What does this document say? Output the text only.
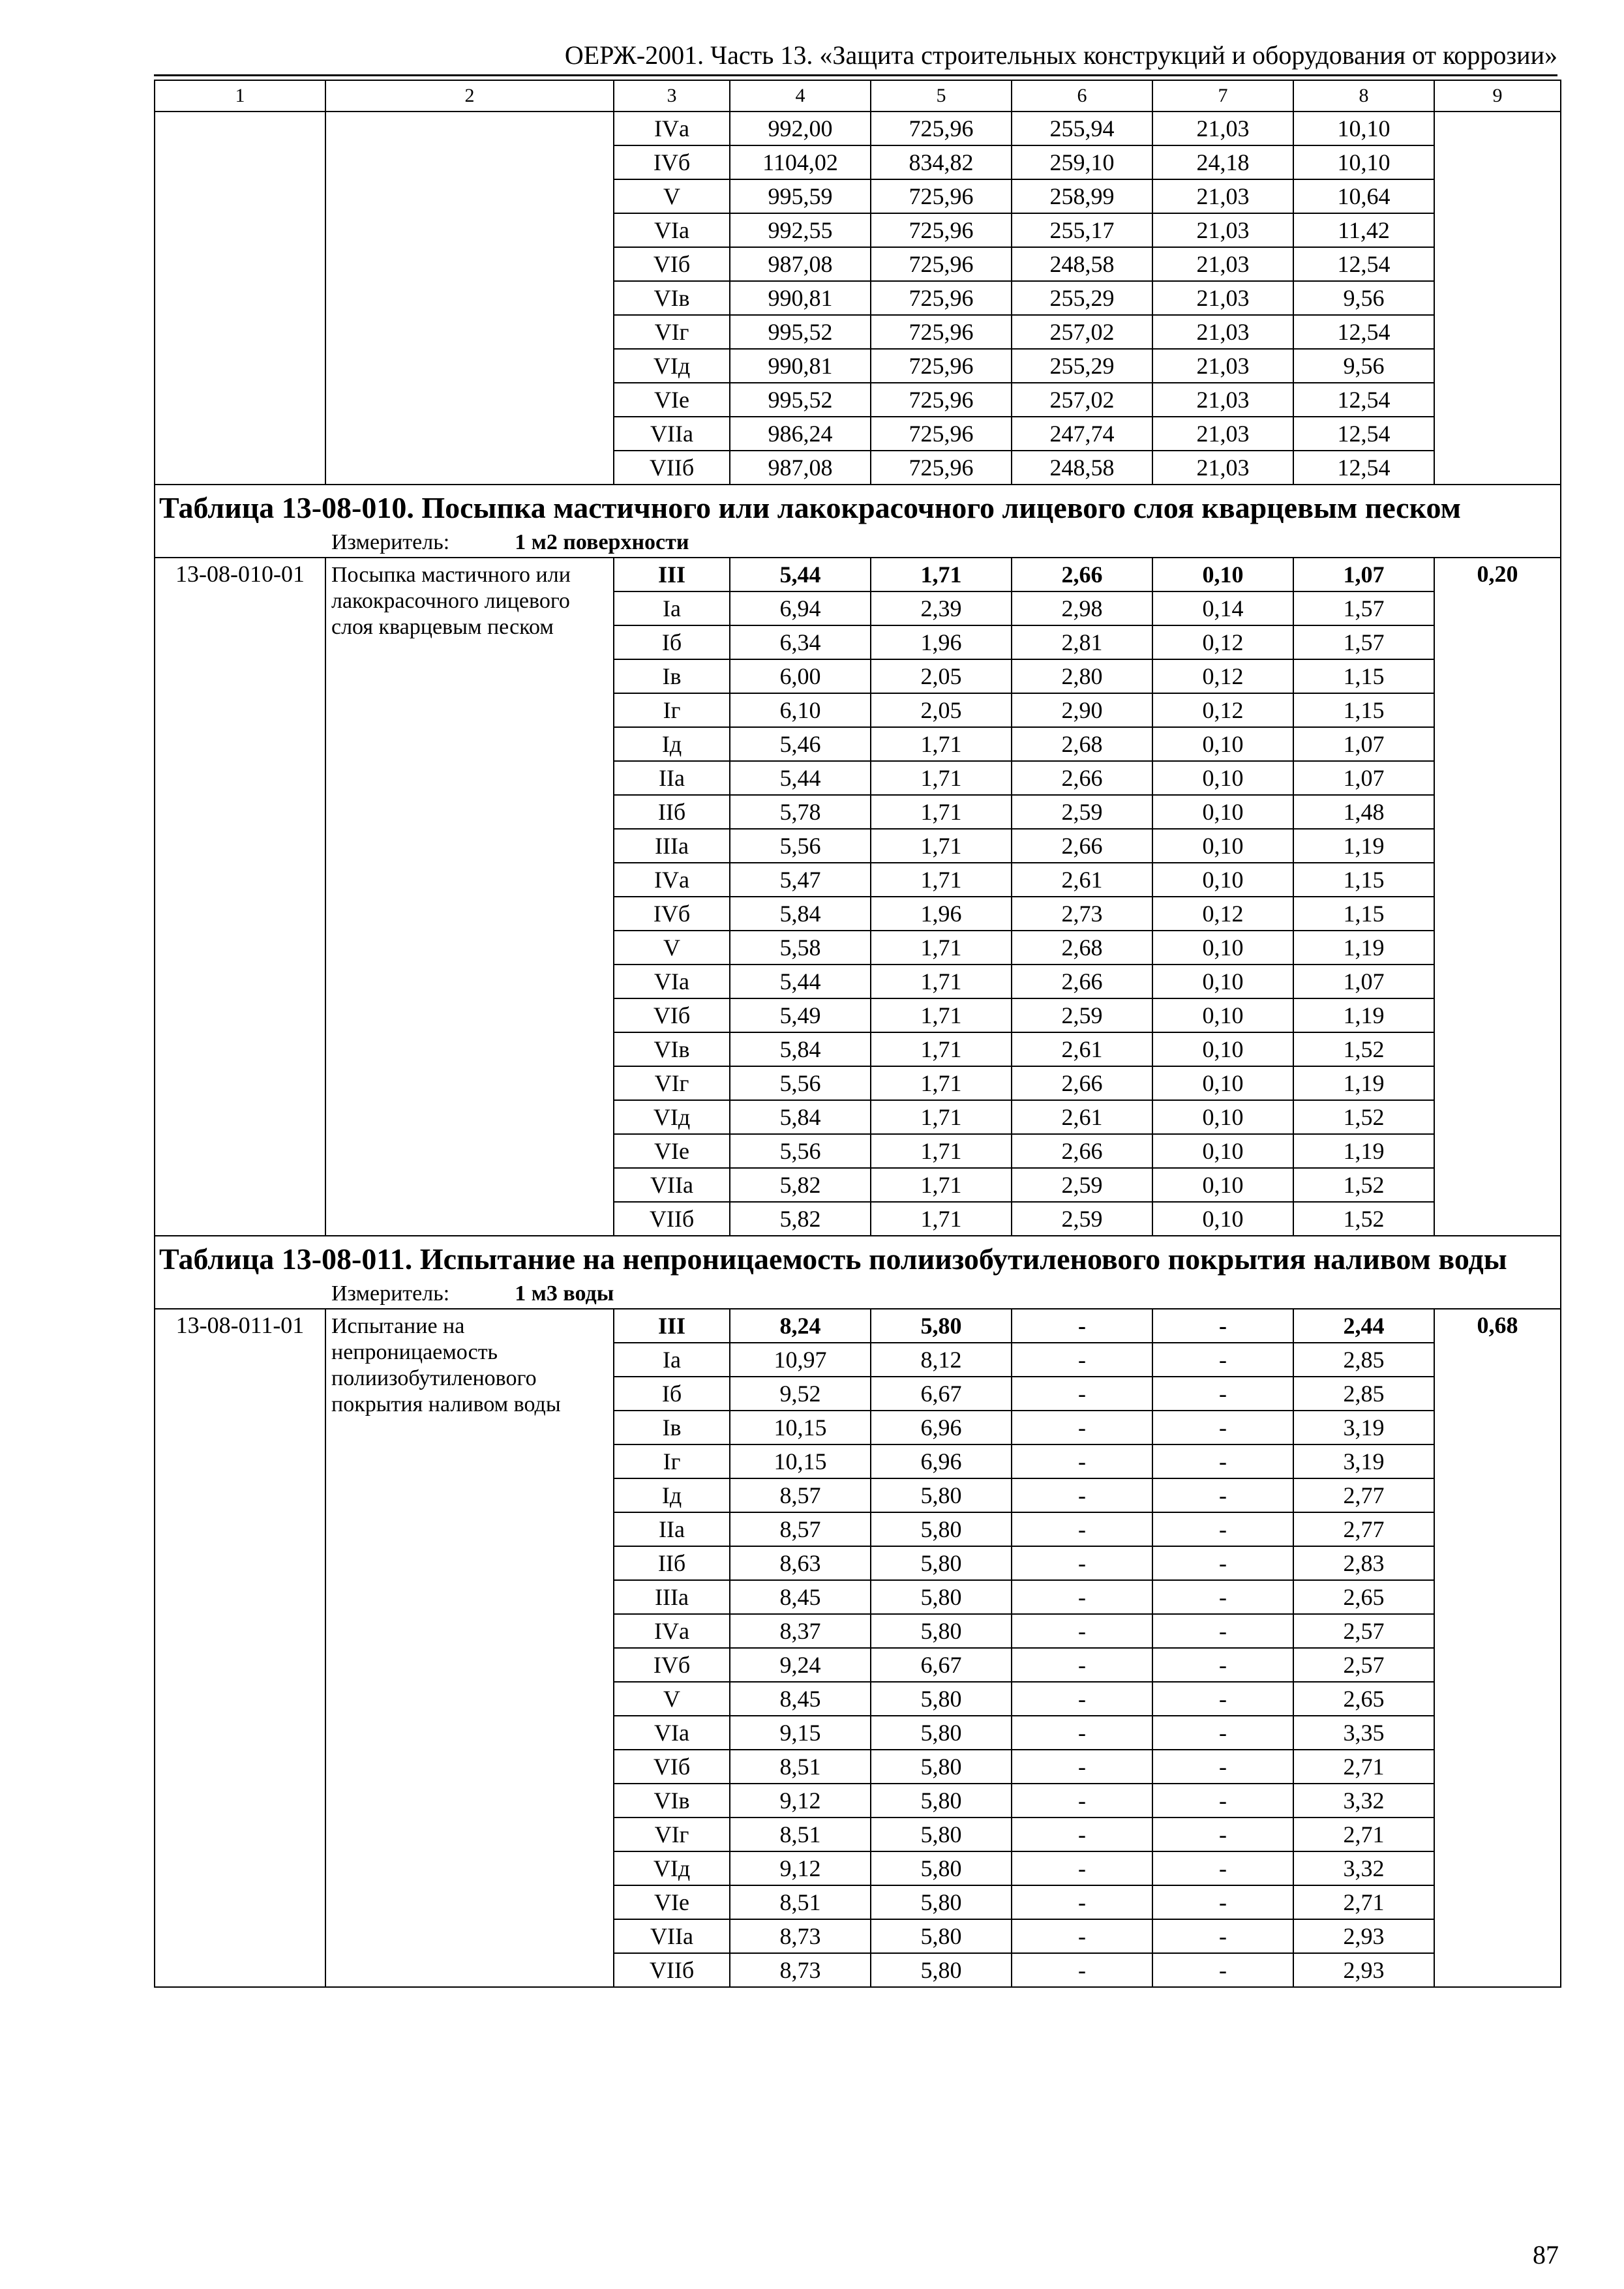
ОЕРЖ-2001. Часть 13. «Защита строительных конструкций и оборудования от коррозии»
1	2	3	4	5	6	7	8	9
		IVа	992,00	725,96	255,94	21,03	10,10	
		IVб	1104,02	834,82	259,10	24,18	10,10	
		V	995,59	725,96	258,99	21,03	10,64	
		VIа	992,55	725,96	255,17	21,03	11,42	
		VIб	987,08	725,96	248,58	21,03	12,54	
		VIв	990,81	725,96	255,29	21,03	9,56	
		VIг	995,52	725,96	257,02	21,03	12,54	
		VIд	990,81	725,96	255,29	21,03	9,56	
		VIе	995,52	725,96	257,02	21,03	12,54	
		VIIа	986,24	725,96	247,74	21,03	12,54	
		VIIб	987,08	725,96	248,58	21,03	12,54	

Таблица 13-08-010. Посыпка мастичного или лакокрасочного лицевого слоя кварцевым песком
Измеритель: 1 м2 поверхности								

13-08-010-01	Посыпка мастичного или лакокрасочного лицевого слоя кварцевым песком	III	5,44	1,71	2,66	0,10	1,07	0,20
		Iа	6,94	2,39	2,98	0,14	1,57	
		Iб	6,34	1,96	2,81	0,12	1,57	
		Iв	6,00	2,05	2,80	0,12	1,15	
		Iг	6,10	2,05	2,90	0,12	1,15	
		Iд	5,46	1,71	2,68	0,10	1,07	
		IIа	5,44	1,71	2,66	0,10	1,07	
		IIб	5,78	1,71	2,59	0,10	1,48	
		IIIа	5,56	1,71	2,66	0,10	1,19	
		IVа	5,47	1,71	2,61	0,10	1,15	
		IVб	5,84	1,96	2,73	0,12	1,15	
		V	5,58	1,71	2,68	0,10	1,19	
		VIа	5,44	1,71	2,66	0,10	1,07	
		VIб	5,49	1,71	2,59	0,10	1,19	
		VIв	5,84	1,71	2,61	0,10	1,52	
		VIг	5,56	1,71	2,66	0,10	1,19	
		VIд	5,84	1,71	2,61	0,10	1,52	
		VIе	5,56	1,71	2,66	0,10	1,19	
		VIIа	5,82	1,71	2,59	0,10	1,52	
		VIIб	5,82	1,71	2,59	0,10	1,52	

Таблица 13-08-011. Испытание на непроницаемость полиизобутиленового покрытия наливом воды
Измеритель: 1 м3 воды								

13-08-011-01	Испытание на непроницаемость полиизобутиленового покрытия наливом воды	III	8,24	5,80	-	-	2,44	0,68
		Iа	10,97	8,12	-	-	2,85	
		Iб	9,52	6,67	-	-	2,85	
		Iв	10,15	6,96	-	-	3,19	
		Iг	10,15	6,96	-	-	3,19	
		Iд	8,57	5,80	-	-	2,77	
		IIа	8,57	5,80	-	-	2,77	
		IIб	8,63	5,80	-	-	2,83	
		IIIа	8,45	5,80	-	-	2,65	
		IVа	8,37	5,80	-	-	2,57	
		IVб	9,24	6,67	-	-	2,57	
		V	8,45	5,80	-	-	2,65	
		VIа	9,15	5,80	-	-	3,35	
		VIб	8,51	5,80	-	-	2,71	
		VIв	9,12	5,80	-	-	3,32	
		VIг	8,51	5,80	-	-	2,71	
		VIд	9,12	5,80	-	-	3,32	
		VIе	8,51	5,80	-	-	2,71	
		VIIа	8,73	5,80	-	-	2,93	
		VIIб	8,73	5,80	-	-	2,93	
87
